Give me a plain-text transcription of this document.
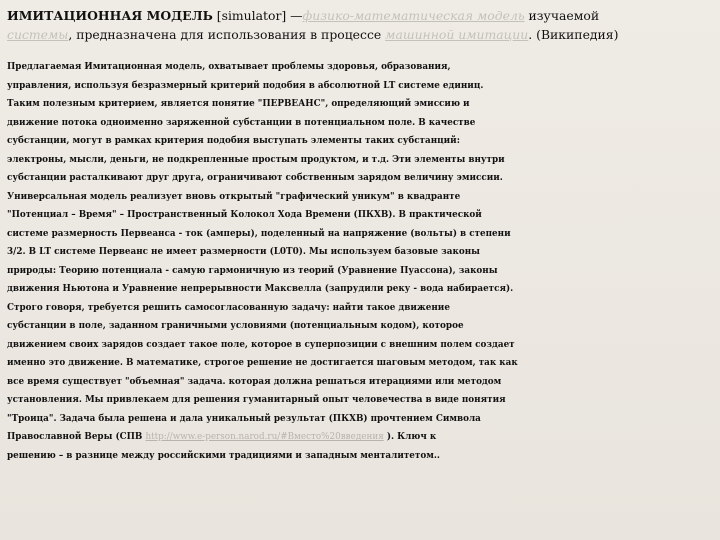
ИМИТАЦИОННАЯ МОДЕЛЬ [simulator] —физико-математическая модель изучаемой
системы, предназначена для использования в процессе машинной имитации. (Википедия)

Предлагаемая Имитационная модель, охватывает проблемы здоровья, образования,
управления, используя безразмерный критерий подобия в абсолютной LT системе единиц.
Таким полезным критерием, является понятие "ПЕРВЕАНС", определяющий эмиссию и
движение потока одноименно заряженной субстанции в потенциальном поле. В качестве
субстанции, могут в рамках критерия подобия выступать элементы таких субстанций:
электроны, мысли, деньги, не подкрепленные простым продуктом, и т.д. Эти элементы внутри
субстанции расталкивают друг друга, ограничивают собственным зарядом величину эмиссии.
Универсальная модель реализует вновь открытый "графический уникум" в квадранте
"Потенциал – Время" – Пространственный Колокол Хода Времени (ПКХВ). В практической
системе размерность Первеанса - ток (амперы), поделенный на напряжение (вольты) в степени
3/2. В LT системе Первеанс не имеет размерности (L0T0). Мы используем базовые законы
природы: Теорию потенциала - самую гармоничную из теорий (Уравнение Пуассона), законы
движения Ньютона и Уравнение непрерывности Максвелла (запрудили реку - вода набирается).
Строго говоря, требуется решить самосогласованную задачу: найти такое движение
субстанции в поле, заданном граничными условиями (потенциальным кодом), которое
движением своих зарядов создает такое поле, которое в суперпозиции с внешним полем создает
именно это движение. В математике, строгое решение не достигается шаговым методом, так как
все время существует "объемная" задача. которая должна решаться итерациями или методом
установления. Мы привлекаем для решения гуманитарный опыт человечества в виде понятия
"Троица". Задача была решена и дала уникальный результат (ПКХВ) прочтением Символа
Православной Веры (СПВ http://www.e-person.narod.ru/#Вместо%20введения ). Ключ к
решению – в разнице между российскими традициями и западным менталитетом..
